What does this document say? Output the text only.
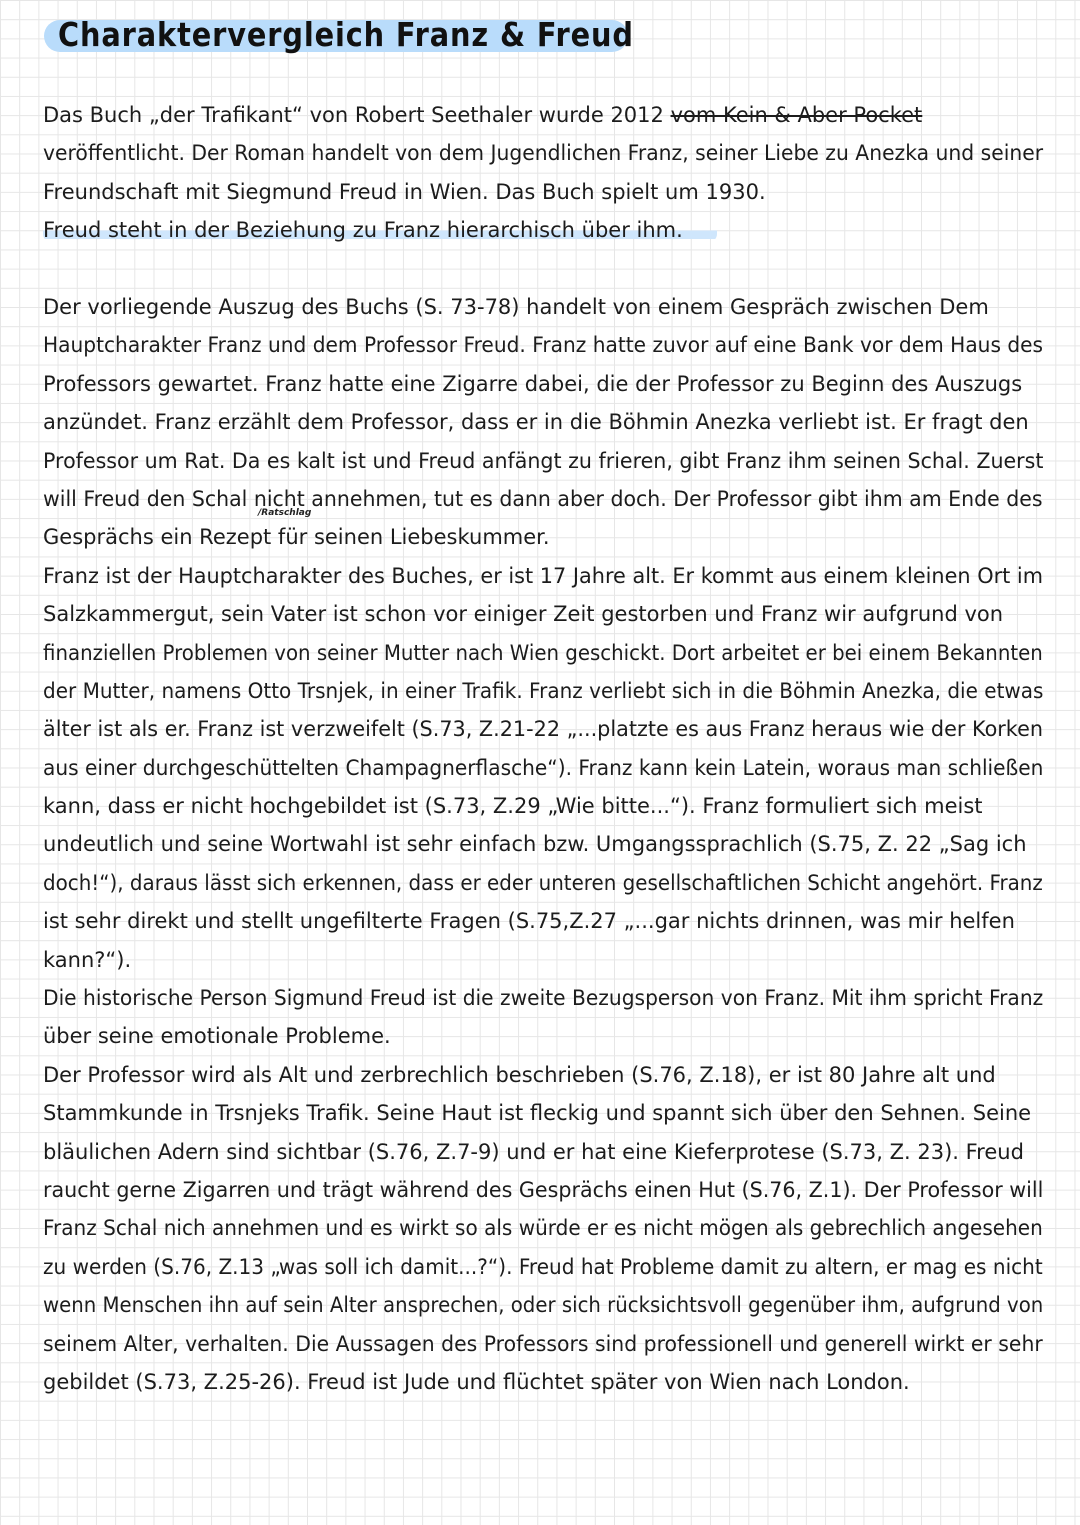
Charaktervergleich Franz & Freud
Das Buch „der Trafikant“ von Robert Seethaler wurde 2012 vom Kein & Aber Pocket
veröffentlicht. Der Roman handelt von dem Jugendlichen Franz, seiner Liebe zu Anezka und seiner
Freundschaft mit Siegmund Freud in Wien. Das Buch spielt um 1930.
Freud steht in der Beziehung zu Franz hierarchisch über ihm.
Der vorliegende Auszug des Buchs (S. 73-78) handelt von einem Gespräch zwischen Dem
Hauptcharakter Franz und dem Professor Freud. Franz hatte zuvor auf eine Bank vor dem Haus des
Professors gewartet. Franz hatte eine Zigarre dabei, die der Professor zu Beginn des Auszugs
anzündet. Franz erzählt dem Professor, dass er in die Böhmin Anezka verliebt ist. Er fragt den
Professor um Rat. Da es kalt ist und Freud anfängt zu frieren, gibt Franz ihm seinen Schal. Zuerst
will Freud den Schal nicht annehmen, tut es dann aber doch. Der Professor gibt ihm am Ende des
Gesprächs ein Rezept für seinen Liebeskummer.
Franz ist der Hauptcharakter des Buches, er ist 17 Jahre alt. Er kommt aus einem kleinen Ort im
Salzkammergut, sein Vater ist schon vor einiger Zeit gestorben und Franz wir aufgrund von
finanziellen Problemen von seiner Mutter nach Wien geschickt. Dort arbeitet er bei einem Bekannten
der Mutter, namens Otto Trsnjek, in einer Trafik. Franz verliebt sich in die Böhmin Anezka, die etwas
älter ist als er. Franz ist verzweifelt (S.73, Z.21-22 „...platzte es aus Franz heraus wie der Korken
aus einer durchgeschüttelten Champagnerflasche“). Franz kann kein Latein, woraus man schließen
kann, dass er nicht hochgebildet ist (S.73, Z.29 „Wie bitte...“). Franz formuliert sich meist
undeutlich und seine Wortwahl ist sehr einfach bzw. Umgangssprachlich (S.75, Z. 22 „Sag ich
doch!“), daraus lässt sich erkennen, dass er eder unteren gesellschaftlichen Schicht angehört. Franz
ist sehr direkt und stellt ungefilterte Fragen (S.75,Z.27 „...gar nichts drinnen, was mir helfen
kann?“).
Die historische Person Sigmund Freud ist die zweite Bezugsperson von Franz. Mit ihm spricht Franz
über seine emotionale Probleme.
Der Professor wird als Alt und zerbrechlich beschrieben (S.76, Z.18), er ist 80 Jahre alt und
Stammkunde in Trsnjeks Trafik. Seine Haut ist fleckig und spannt sich über den Sehnen. Seine
bläulichen Adern sind sichtbar (S.76, Z.7-9) und er hat eine Kieferprotese (S.73, Z. 23). Freud
raucht gerne Zigarren und trägt während des Gesprächs einen Hut (S.76, Z.1). Der Professor will
Franz Schal nich annehmen und es wirkt so als würde er es nicht mögen als gebrechlich angesehen
zu werden (S.76, Z.13 „was soll ich damit...?“). Freud hat Probleme damit zu altern, er mag es nicht
wenn Menschen ihn auf sein Alter ansprechen, oder sich rücksichtsvoll gegenüber ihm, aufgrund von
seinem Alter, verhalten. Die Aussagen des Professors sind professionell und generell wirkt er sehr
gebildet (S.73, Z.25-26). Freud ist Jude und flüchtet später von Wien nach London.
/Ratschlag
